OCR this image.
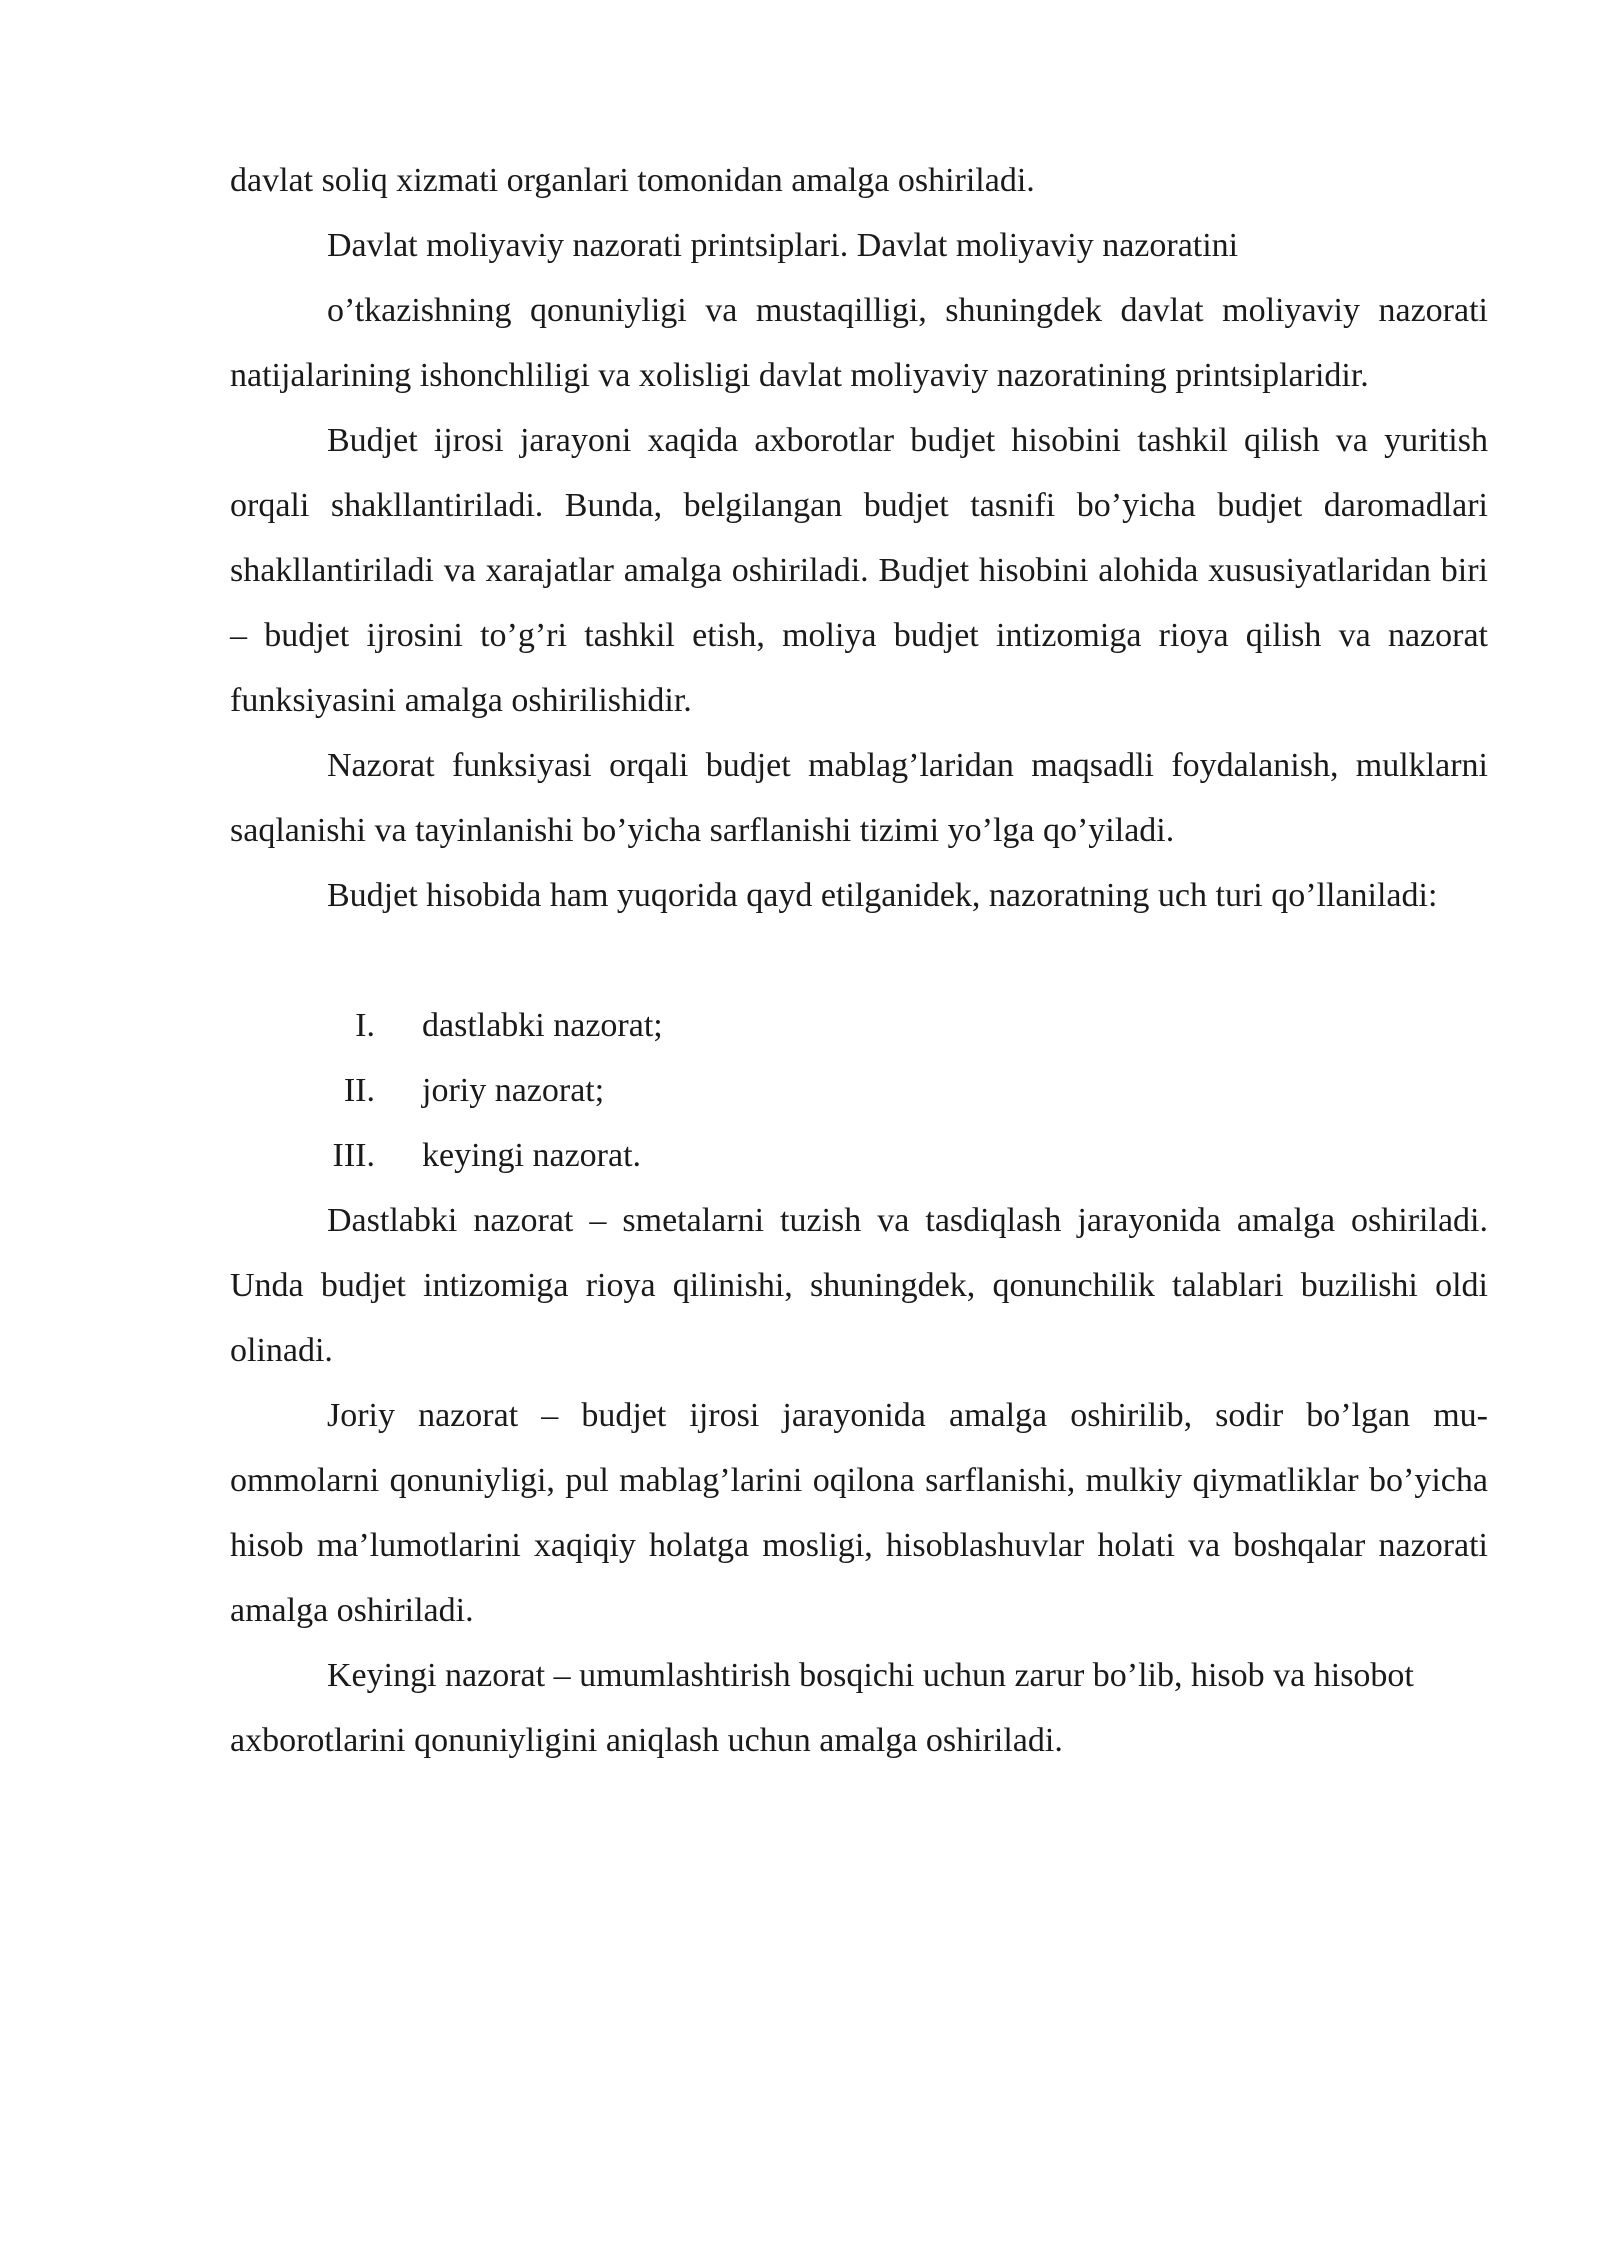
davlat soliq xizmati organlari tomonidan amalga oshiriladi.

Davlat moliyaviy nazorati printsiplari. Davlat moliyaviy nazoratini

o’tkazishning qonuniyligi va mustaqilligi, shuningdek davlat moliyaviy nazorati natijalarining ishonchliligi va xolisligi davlat moliyaviy nazoratining printsiplaridir.

Budjet ijrosi jarayoni xaqida axborotlar budjet hisobini tashkil qilish va yuritish orqali shakllantiriladi. Bunda, belgilangan budjet tasnifi bo’yicha budjet daromadlari shakllantiriladi va xarajatlar amalga oshiriladi. Budjet hisobini alohida xususiyatlaridan biri – budjet ijrosini to’g’ri tashkil etish, moliya budjet intizomiga rioya qilish va nazorat funksiyasini amalga oshirilishidir.

Nazorat funksiyasi orqali budjet mablag’laridan maqsadli foydalanish, mulklarni saqlanishi va tayinlanishi bo’yicha sarflanishi tizimi yo’lga qo’yiladi.

Budjet hisobida ham yuqorida qayd etilganidek, nazoratning uch turi qo’llaniladi:

I.	dastlabki nazorat;
II.	joriy nazorat;
III.	keyingi nazorat.

Dastlabki nazorat – smetalarni tuzish va tasdiqlash jarayonida amalga oshiriladi. Unda budjet intizomiga rioya qilinishi, shuningdek, qonunchilik talablari buzilishi oldi olinadi.

Joriy nazorat – budjet ijrosi jarayonida amalga oshirilib, sodir bo’lgan mu-ommolarni qonuniyligi, pul mablag’larini oqilona sarflanishi, mulkiy qiymatliklar bo’yicha hisob ma’lumotlarini xaqiqiy holatga mosligi, hisoblashuvlar holati va boshqalar nazorati amalga oshiriladi.

Keyingi nazorat – umumlashtirish bosqichi uchun zarur bo’lib, hisob va hisobot axborotlarini qonuniyligini aniqlash uchun amalga oshiriladi.
